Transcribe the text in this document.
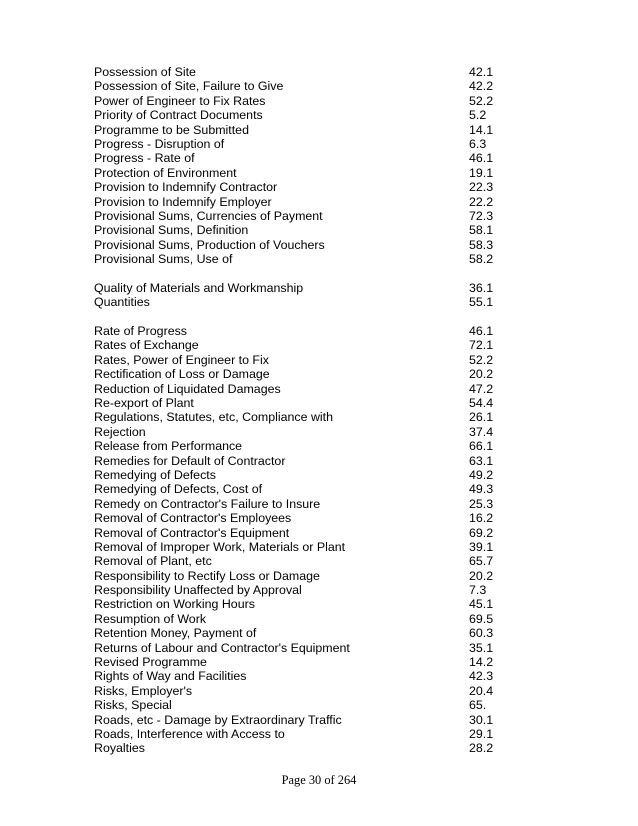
Possession of Site	42.1
Possession of Site, Failure to Give	42.2
Power of Engineer to Fix Rates	52.2
Priority of Contract Documents	5.2
Programme to be Submitted	14.1
Progress - Disruption of	6.3
Progress - Rate of	46.1
Protection of Environment	19.1
Provision to Indemnify Contractor	22.3
Provision to Indemnify Employer	22.2
Provisional Sums, Currencies of Payment	72.3
Provisional Sums, Definition	58.1
Provisional Sums, Production of Vouchers	58.3
Provisional Sums, Use of	58.2
Quality of Materials and Workmanship	36.1
Quantities	55.1
Rate of Progress	46.1
Rates of Exchange	72.1
Rates, Power of Engineer to Fix	52.2
Rectification of Loss or Damage	20.2
Reduction of Liquidated Damages	47.2
Re-export of Plant	54.4
Regulations, Statutes, etc, Compliance with	26.1
Rejection	37.4
Release from Performance	66.1
Remedies for Default of Contractor	63.1
Remedying of Defects	49.2
Remedying of Defects, Cost of	49.3
Remedy on Contractor's Failure to Insure	25.3
Removal of Contractor's Employees	16.2
Removal of Contractor's Equipment	69.2
Removal of Improper Work, Materials or Plant	39.1
Removal of Plant, etc	65.7
Responsibility to Rectify Loss or Damage	20.2
Responsibility Unaffected by Approval	7.3
Restriction on Working Hours	45.1
Resumption of Work	69.5
Retention Money, Payment of	60.3
Returns of Labour and Contractor's Equipment	35.1
Revised Programme	14.2
Rights of Way and Facilities	42.3
Risks, Employer's	20.4
Risks, Special	65.
Roads, etc - Damage by Extraordinary Traffic	30.1
Roads, Interference with Access to	29.1
Royalties	28.2
Page 30 of 264
